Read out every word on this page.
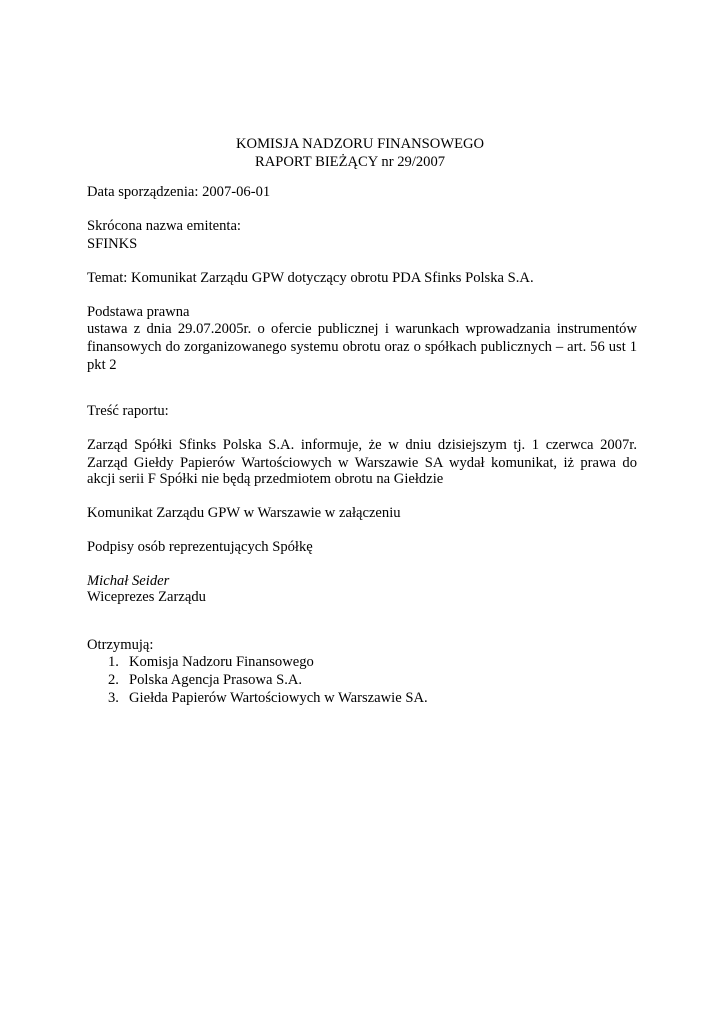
KOMISJA NADZORU FINANSOWEGO
RAPORT BIEŻĄCY nr 29/2007
Data sporządzenia: 2007-06-01
Skrócona nazwa emitenta:
SFINKS
Temat: Komunikat Zarządu GPW dotyczący obrotu PDA Sfinks Polska S.A.
Podstawa prawna
ustawa z dnia 29.07.2005r. o ofercie publicznej i warunkach wprowadzania instrumentów
finansowych do zorganizowanego systemu obrotu oraz o spółkach publicznych – art. 56 ust 1
pkt 2
Treść raportu:
Zarząd Spółki Sfinks Polska S.A. informuje, że w dniu dzisiejszym tj. 1 czerwca 2007r.
Zarząd Giełdy Papierów Wartościowych w Warszawie SA wydał komunikat, iż prawa do
akcji serii F Spółki nie będą przedmiotem obrotu na Giełdzie
Komunikat Zarządu GPW w Warszawie w załączeniu
Podpisy osób reprezentujących Spółkę
Michał Seider
Wiceprezes Zarządu
Otrzymują:
1. Komisja Nadzoru Finansowego
2. Polska Agencja Prasowa S.A.
3. Giełda Papierów Wartościowych w Warszawie SA.
